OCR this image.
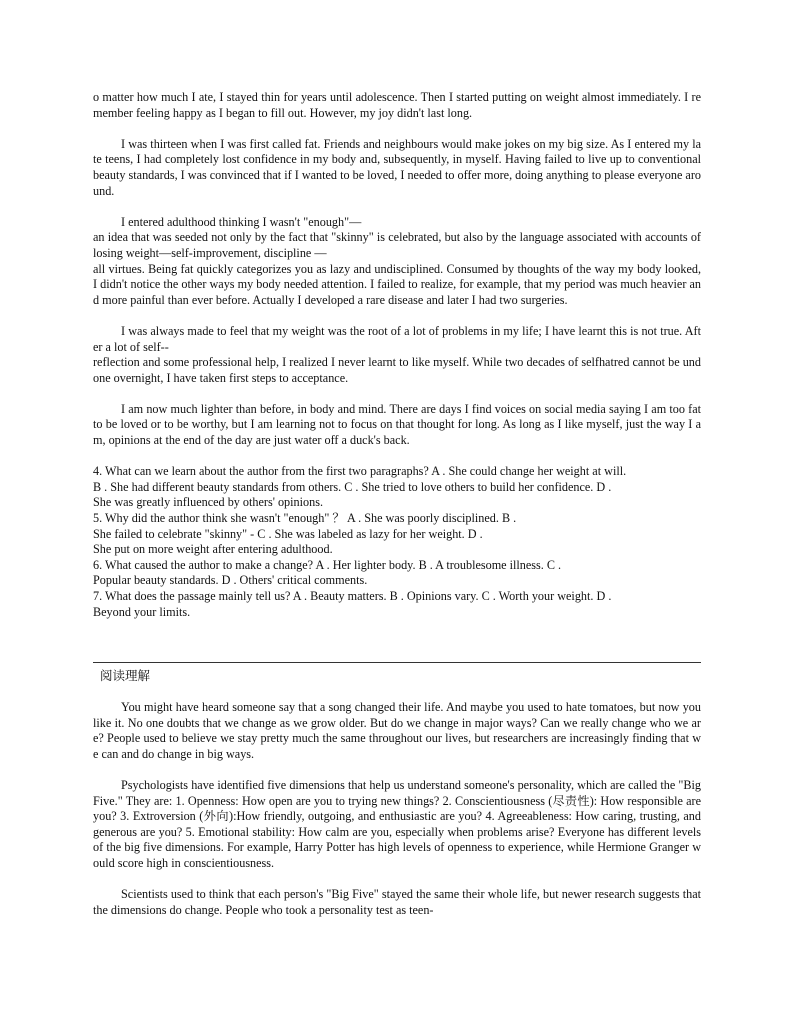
o matter how much I ate, I stayed thin for years until adolescence. Then I started putting on weight almost immediately. I remember feeling happy as I began to fill out. However, my joy didn't last long.

I was thirteen when I was first called fat. Friends and neighbours would make jokes on my big size. As I entered my late teens, I had completely lost confidence in my body and, subsequently, in myself. Having failed to live up to conventional beauty standards, I was convinced that if I wanted to be loved, I needed to offer more, doing anything to please everyone around.

I entered adulthood thinking I wasn't "enough"—

an idea that was seeded not only by the fact that "skinny" is celebrated, but also by the language associated with accounts of losing weight—self-improvement, discipline —

all virtues. Being fat quickly categorizes you as lazy and undisciplined. Consumed by thoughts of the way my body looked, I didn't notice the other ways my body needed attention. I failed to realize, for example, that my period was much heavier and more painful than ever before. Actually I developed a rare disease and later I had two surgeries.

I was always made to feel that my weight was the root of a lot of problems in my life; I have learnt this is not true. After a lot of self--

reflection and some professional help, I realized I never learnt to like myself. While two decades of selfhatred cannot be undone overnight, I have taken first steps to acceptance.

I am now much lighter than before, in body and mind. There are days I find voices on social media saying I am too fat to be loved or to be worthy, but I am learning not to focus on that thought for long. As long as I like myself, just the way I am, opinions at the end of the day are just water off a duck's back.

4. What can we learn about the author from the first two paragraphs? A . She could change her weight at will.

B . She had different beauty standards from others. C . She tried to love others to build her confidence. D .

She was greatly influenced by others' opinions.

5. Why did the author think she wasn't "enough" ？ A . She was poorly disciplined. B .

She failed to celebrate "skinny" - C . She was labeled as lazy for her weight. D .

She put on more weight after entering adulthood.

6. What caused the author to make a change? A . Her lighter body. B . A troublesome illness. C .

Popular beauty standards. D . Others' critical comments.

7. What does the passage mainly tell us? A . Beauty matters. B . Opinions vary. C . Worth your weight. D .

Beyond your limits.

阅读理解

You might have heard someone say that a song changed their life. And maybe you used to hate tomatoes, but now you like it. No one doubts that we change as we grow older. But do we change in major ways? Can we really change who we are? People used to believe we stay pretty much the same throughout our lives, but researchers are increasingly finding that we can and do change in big ways.

Psychologists have identified five dimensions that help us understand someone's personality, which are called the "Big Five." They are: 1. Openness: How open are you to trying new things? 2. Conscientiousness (尽责性): How responsible are you? 3. Extroversion (外向):How friendly, outgoing, and enthusiastic are you? 4. Agreeableness: How caring, trusting, and generous are you? 5. Emotional stability: How calm are you, especially when problems arise? Everyone has different levels of the big five dimensions. For example, Harry Potter has high levels of openness to experience, while Hermione Granger would score high in conscientiousness.

Scientists used to think that each person's "Big Five" stayed the same their whole life, but newer research suggests that the dimensions do change. People who took a personality test as teen-
